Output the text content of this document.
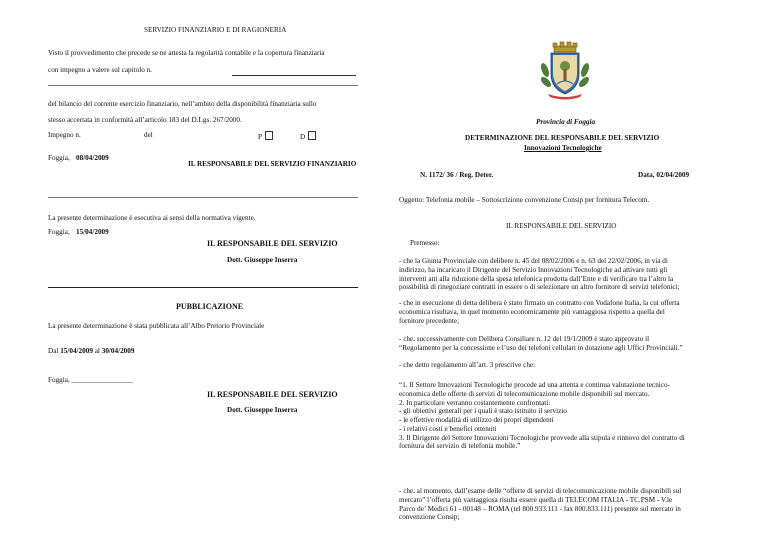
SERVIZIO FINANZIARIO E DI RAGIONERIA
Visto il provvedimento che precede se ne attesta la regolarità contabile e la copertura finanziaria
con impegno a valere sul capitolo n.
del bilancio del corrente esercizio finanziario, nell’ambito della disponibilità finanziaria sullo
stesso accertata in conformità all’articolo 183 del D.Lgs. 267/2000.
Impegno n.	del	P	D
Foggia, 08/04/2009
IL RESPONSABILE DEL SERVIZIO FINANZIARIO
La presente determinazione è esecutiva ai sensi della normativa vigente.
Foggia, 15/04/2009
IL RESPONSABILE DEL SERVIZIO
Dott. Giuseppe Inserra
PUBBLICAZIONE
La presente determinazione è stata pubblicata all’Albo Pretorio Provinciale
Dal 15/04/2009 al 30/04/2009
Foggia, _________________
IL RESPONSABILE DEL SERVIZIO
Dott. Giuseppe Inserra
Provincia di Foggia
DETERMINAZIONE DEL RESPONSABILE DEL SERVIZIO
Innovazioni Tecnologiche
N. 1172/ 36 / Reg. Deter.	Data, 02/04/2009
Oggetto: Telefonia mobile – Sottoscrizione convenzione Consip per fornitura Telecom.
IL RESPONSABILE DEL SERVIZIO
Premesso:
- che la Giunta Provinciale con delibere n. 45 del 08/02/2006 e n. 63 del 22/02/2006, in via di
indirizzo, ha incaricato il Dirigente del Servizio Innovazioni Tecnologiche ad attivare tutti gli
interventi atti alla riduzione della spesa telefonica prodotta dall’Ente e di verificare tra l’altro la
possibilità di rinegoziare contratti in essere o di selezionare un altro fornitore di servizi telefonici;
- che in esecuzione di detta delibera è stato firmato un contratto con Vodafone Italia, la cui offerta
economica risultava, in quel momento economicamente più vantaggiosa rispetto a quella del
fornitore precedente;
- che, successivamente con Delibera Consiliare n. 12 del 19/1/2009 è stato approvato il
“Regolamento per la concessione e l’uso dei telefoni cellulari in dotazione agli Uffici Provinciali.”
- che detto regolamento all’art. 3 prescrive che:
“1. Il Settore Innovazioni Tecnologiche procede ad una attenta e continua valutazione tecnico-
economica delle offerte di servizi di telecomunicazione mobile disponibili sul mercato.
2. In particolare verranno costantemente confrontati:
- gli obiettivi generali per i quali è stato istituito il servizio
- le effettive modalità di utilizzo dei propri dipendenti
- i relativi costi e benefici ottenuti
3. Il Dirigente del Settore Innovazioni Tecnologiche provvede alla stipula e rinnovo del contratto di
fornitura del servizio di telefonia mobile.”
- che, al momento, dall’esame delle “offerte di servizi di telecomunicazione mobile disponibili sul
mercato” l’offerta più vantaggiosa risulta essere quella di TELECOM ITALIA - TC.PSM - V.le
Parco de’ Medici 61 - 00148 – ROMA (tel 800.933.111 - fax 800.833.111) presente sul mercato in
convenzione Consip;
